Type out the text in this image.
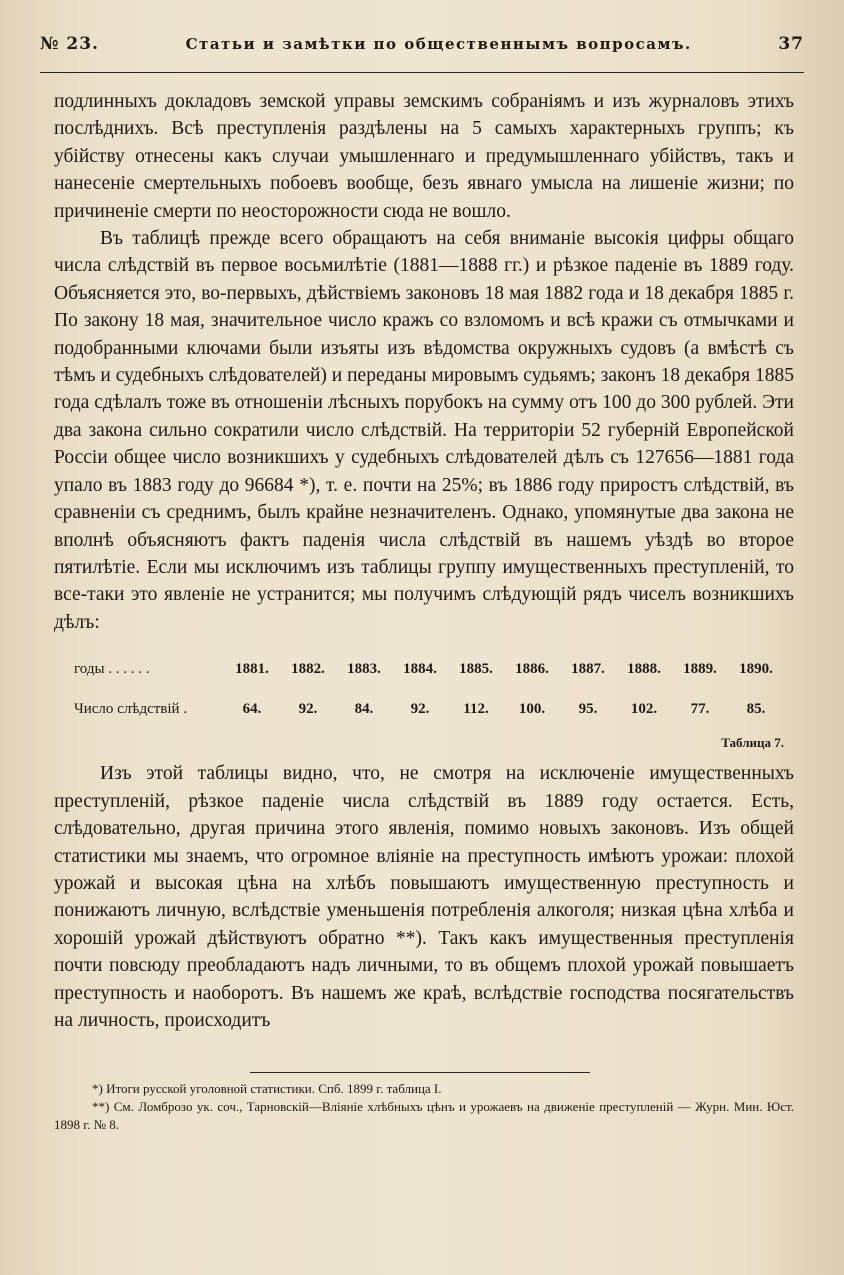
№ 23.	Статьи и замѣтки по общественнымъ вопросамъ.	37

подлинныхъ докладовъ земской управы земскимъ собраніямъ и изъ журналовъ этихъ послѣднихъ. Всѣ преступленія раздѣлены на 5 самыхъ характерныхъ группъ; къ убійству отнесены какъ случаи умышленнаго и предумышленнаго убійствъ, такъ и нанесеніе смертельныхъ побоевъ вообще, безъ явнаго умысла на лишеніе жизни; по причиненіе смерти по неосторожности сюда не вошло.

Въ таблицѣ прежде всего обращаютъ на себя вниманіе высокія цифры общаго числа слѣдствій въ первое восьмилѣтіе (1881—1888 гг.) и рѣзкое паденіе въ 1889 году. Объясняется это, во-первыхъ, дѣйствіемъ законовъ 18 мая 1882 года и 18 декабря 1885 г. По закону 18 мая, значительное число кражъ со взломомъ и всѣ кражи съ отмычками и подобранными ключами были изъяты изъ вѣдомства окружныхъ судовъ (а вмѣстѣ съ тѣмъ и судебныхъ слѣдователей) и переданы мировымъ судьямъ; законъ 18 декабря 1885 года сдѣлалъ тоже въ отношеніи лѣсныхъ порубокъ на сумму отъ 100 до 300 рублей. Эти два закона сильно сократили число слѣдствій. На территоріи 52 губерній Европейской Россіи общее число возникшихъ у судебныхъ слѣдователей дѣлъ съ 127656—1881 года упало въ 1883 году до 96684 *), т. е. почти на 25%; въ 1886 году приростъ слѣдствій, въ сравненіи съ среднимъ, былъ крайне незначителенъ. Однако, упомянутые два закона не вполнѣ объясняютъ фактъ паденія числа слѣдствій въ нашемъ уѣздѣ во второе пятилѣтіе. Если мы исключимъ изъ таблицы группу имущественныхъ преступленій, то все-таки это явленіе не устранится; мы получимъ слѣдующій рядъ чиселъ возникшихъ дѣлъ:

годы . . . . . .	1881.	1882.	1883.	1884.	1885.	1886.	1887.	1888.	1889.	1890.
Число слѣдствій .	64.	92.	84.	92.	112.	100.	95.	102.	77.	85.
Таблица 7.

Изъ этой таблицы видно, что, не смотря на исключеніе имущественныхъ преступленій, рѣзкое паденіе числа слѣдствій въ 1889 году остается. Есть, слѣдовательно, другая причина этого явленія, помимо новыхъ законовъ. Изъ общей статистики мы знаемъ, что огромное вліяніе на преступность имѣютъ урожаи: плохой урожай и высокая цѣна на хлѣбъ повышаютъ имущественную преступность и понижаютъ личную, вслѣдствіе уменьшенія потребленія алкоголя; низкая цѣна хлѣба и хорошій урожай дѣйствуютъ обратно **). Такъ какъ имущественныя преступленія почти повсюду преобладаютъ надъ личными, то въ общемъ плохой урожай повышаетъ преступность и наоборотъ. Въ нашемъ же краѣ, вслѣдствіе господства посягательствъ на личность, происходитъ

*) Итоги русской уголовной статистики. Спб. 1899 г. таблица I.

**) См. Ломброзо ук. соч., Тарновскій—Вліяніе хлѣбныхъ цѣнъ и урожаевъ на движеніе преступленій — Журн. Мин. Юст. 1898 г. № 8.
